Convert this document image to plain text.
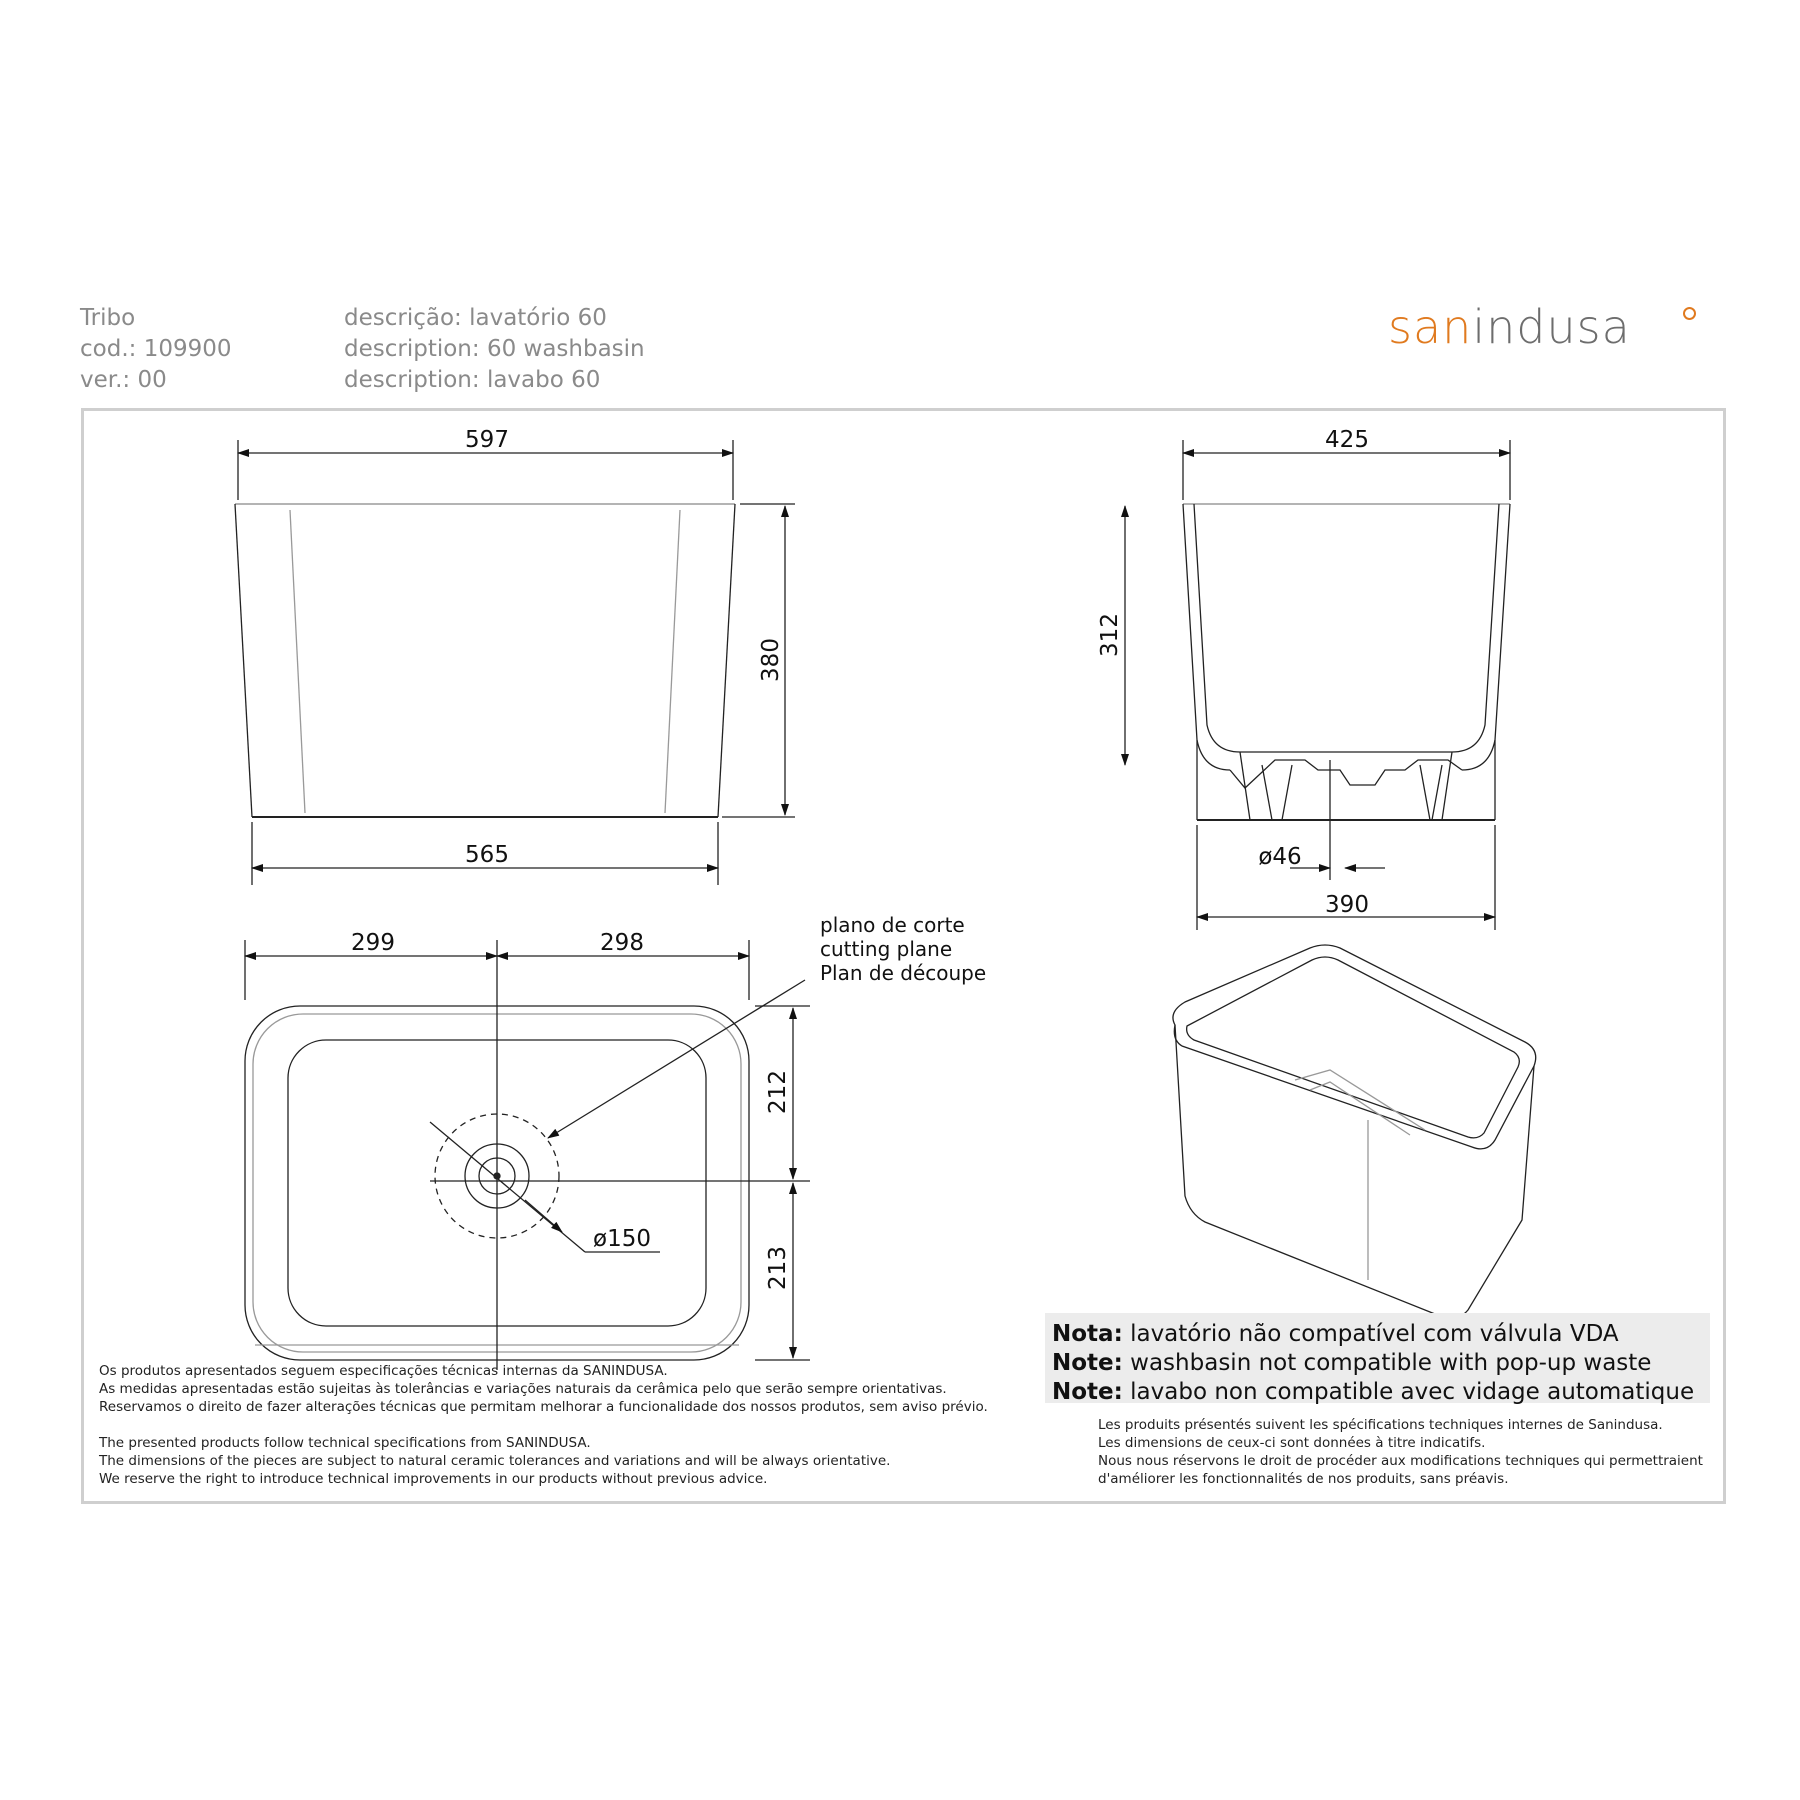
Tribo
cod.: 109900
ver.: 00
descrição: lavatório 60
description: 60 washbasin
description: lavabo 60
sanindusa
597
565
380
425
312
ø46
390
299	298
212
213
ø150
plano de corte
cutting plane
Plan de découpe
Nota: lavatório não compatível com válvula VDA
Note: washbasin not compatible with pop-up waste
Note: lavabo non compatible avec vidage automatique
Os produtos apresentados seguem especificações técnicas internas da SANINDUSA.
As medidas apresentadas estão sujeitas às tolerâncias e variações naturais da cerâmica pelo que serão sempre orientativas.
Reservamos o direito de fazer alterações técnicas que permitam melhorar a funcionalidade dos nossos produtos, sem aviso prévio.
The presented products follow technical specifications from SANINDUSA.
The dimensions of the pieces are subject to natural ceramic tolerances and variations and will be always orientative.
We reserve the right to introduce technical improvements in our products without previous advice.
Les produits présentés suivent les spécifications techniques internes de Sanindusa.
Les dimensions de ceux-ci sont données à titre indicatifs.
Nous nous réservons le droit de procéder aux modifications techniques qui permettraient
d'améliorer les fonctionnalités de nos produits, sans préavis.
